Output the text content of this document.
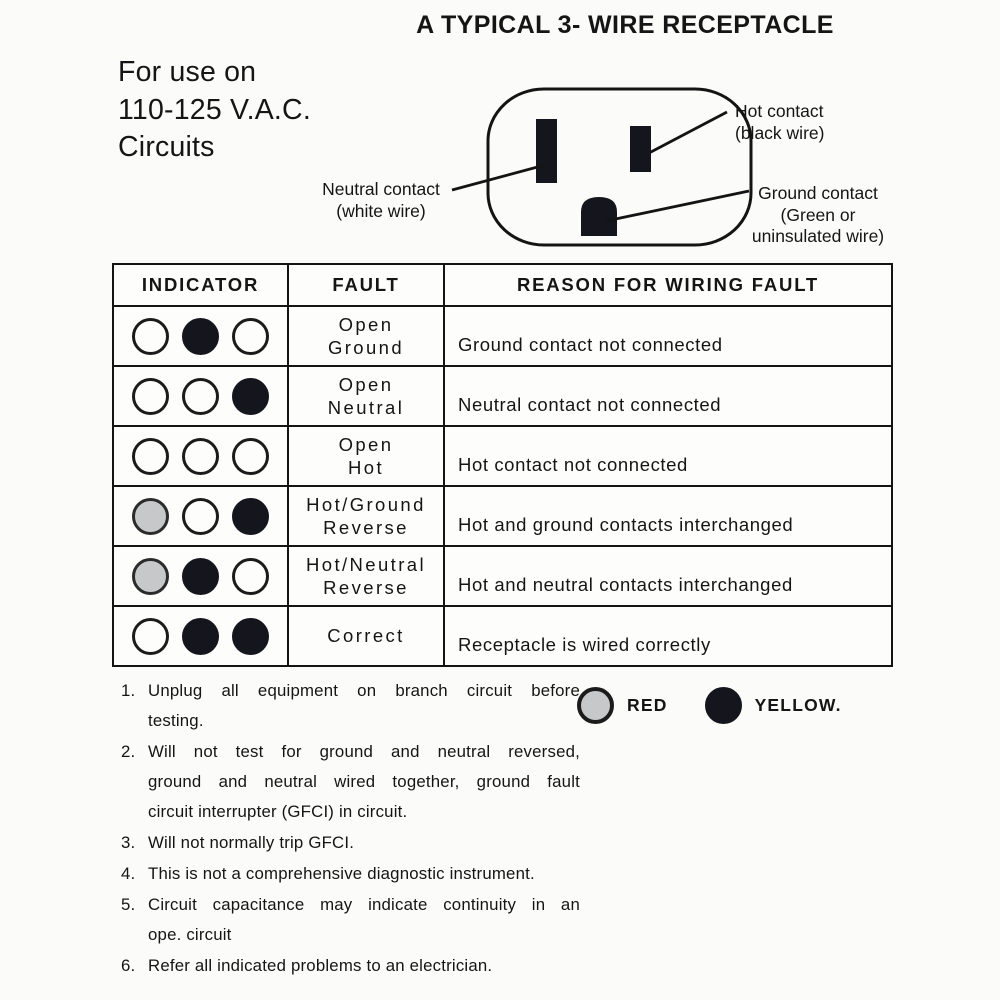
A TYPICAL 3- WIRE RECEPTACLE
For use on
110-125 V.A.C.
Circuits
Neutral contact
(white wire)
Hot contact
(black wire)
Ground contact
(Green or
uninsulated wire)
INDICATOR	FAULT	REASON FOR WIRING FAULT
Open
Ground	Ground contact not connected
Open
Neutral	Neutral contact not connected
Open
Hot	Hot contact not connected
Hot/Ground
Reverse	Hot and ground contacts interchanged
Hot/Neutral
Reverse	Hot and neutral contacts interchanged
Correct	Receptacle is wired correctly
RED	YELLOW.
1. Unplug all equipment on branch circuit before
testing.
2. Will not test for ground and neutral reversed,
ground and neutral wired together, ground fault
circuit interrupter (GFCI) in circuit.
3. Will not normally trip GFCI.
4. This is not a comprehensive diagnostic instrument.
5. Circuit capacitance may indicate continuity in an
ope. circuit
6. Refer all indicated problems to an electrician.
